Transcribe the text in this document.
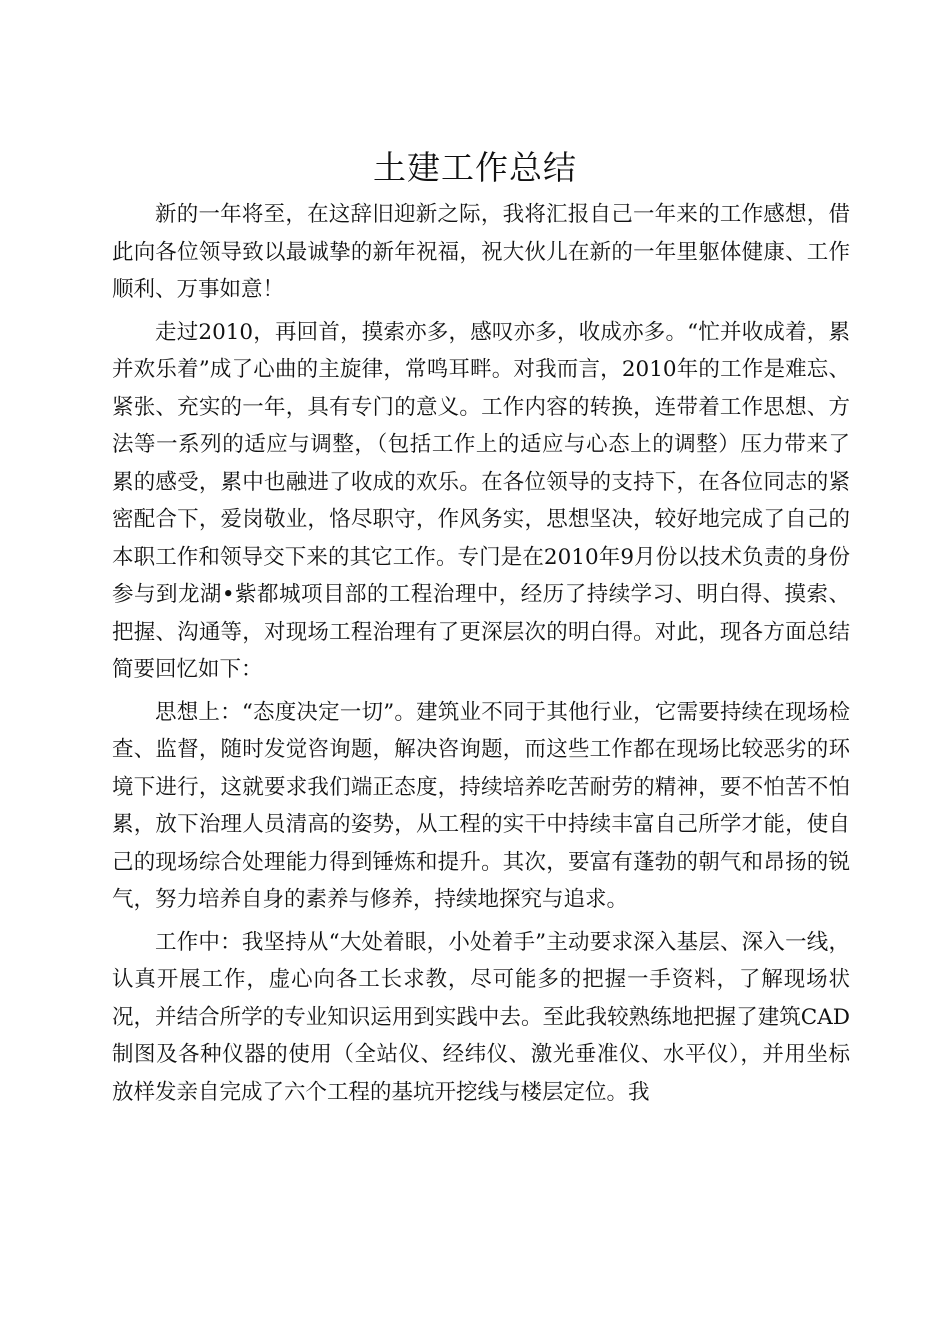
土建工作总结

新的一年将至，在这辞旧迎新之际，我将汇报自己一年来的工作感想，借此向各位领导致以最诚挚的新年祝福，祝大伙儿在新的一年里躯体健康、工作顺利、万事如意！

走过2010，再回首，摸索亦多，感叹亦多，收成亦多。“忙并收成着，累并欢乐着”成了心曲的主旋律，常鸣耳畔。对我而言，2010年的工作是难忘、紧张、充实的一年，具有专门的意义。工作内容的转换，连带着工作思想、方法等一系列的适应与调整，（包括工作上的适应与心态上的调整）压力带来了累的感受，累中也融进了收成的欢乐。在各位领导的支持下，在各位同志的紧密配合下，爱岗敬业，恪尽职守，作风务实，思想坚决，较好地完成了自己的本职工作和领导交下来的其它工作。专门是在2010年9月份以技术负责的身份参与到龙湖•紫都城项目部的工程治理中，经历了持续学习、明白得、摸索、把握、沟通等，对现场工程治理有了更深层次的明白得。对此，现各方面总结简要回忆如下：

思想上：“态度决定一切”。建筑业不同于其他行业，它需要持续在现场检查、监督，随时发觉咨询题，解决咨询题，而这些工作都在现场比较恶劣的环境下进行，这就要求我们端正态度，持续培养吃苦耐劳的精神，要不怕苦不怕累，放下治理人员清高的姿势，从工程的实干中持续丰富自己所学才能，使自己的现场综合处理能力得到锤炼和提升。其次，要富有蓬勃的朝气和昂扬的锐气，努力培养自身的素养与修养，持续地探究与追求。

工作中：我坚持从“大处着眼，小处着手”主动要求深入基层、深入一线，认真开展工作，虚心向各工长求教，尽可能多的把握一手资料，了解现场状况，并结合所学的专业知识运用到实践中去。至此我较熟练地把握了建筑CAD制图及各种仪器的使用（全站仪、经纬仪、激光垂准仪、水平仪），并用坐标放样发亲自完成了六个工程的基坑开挖线与楼层定位。我
